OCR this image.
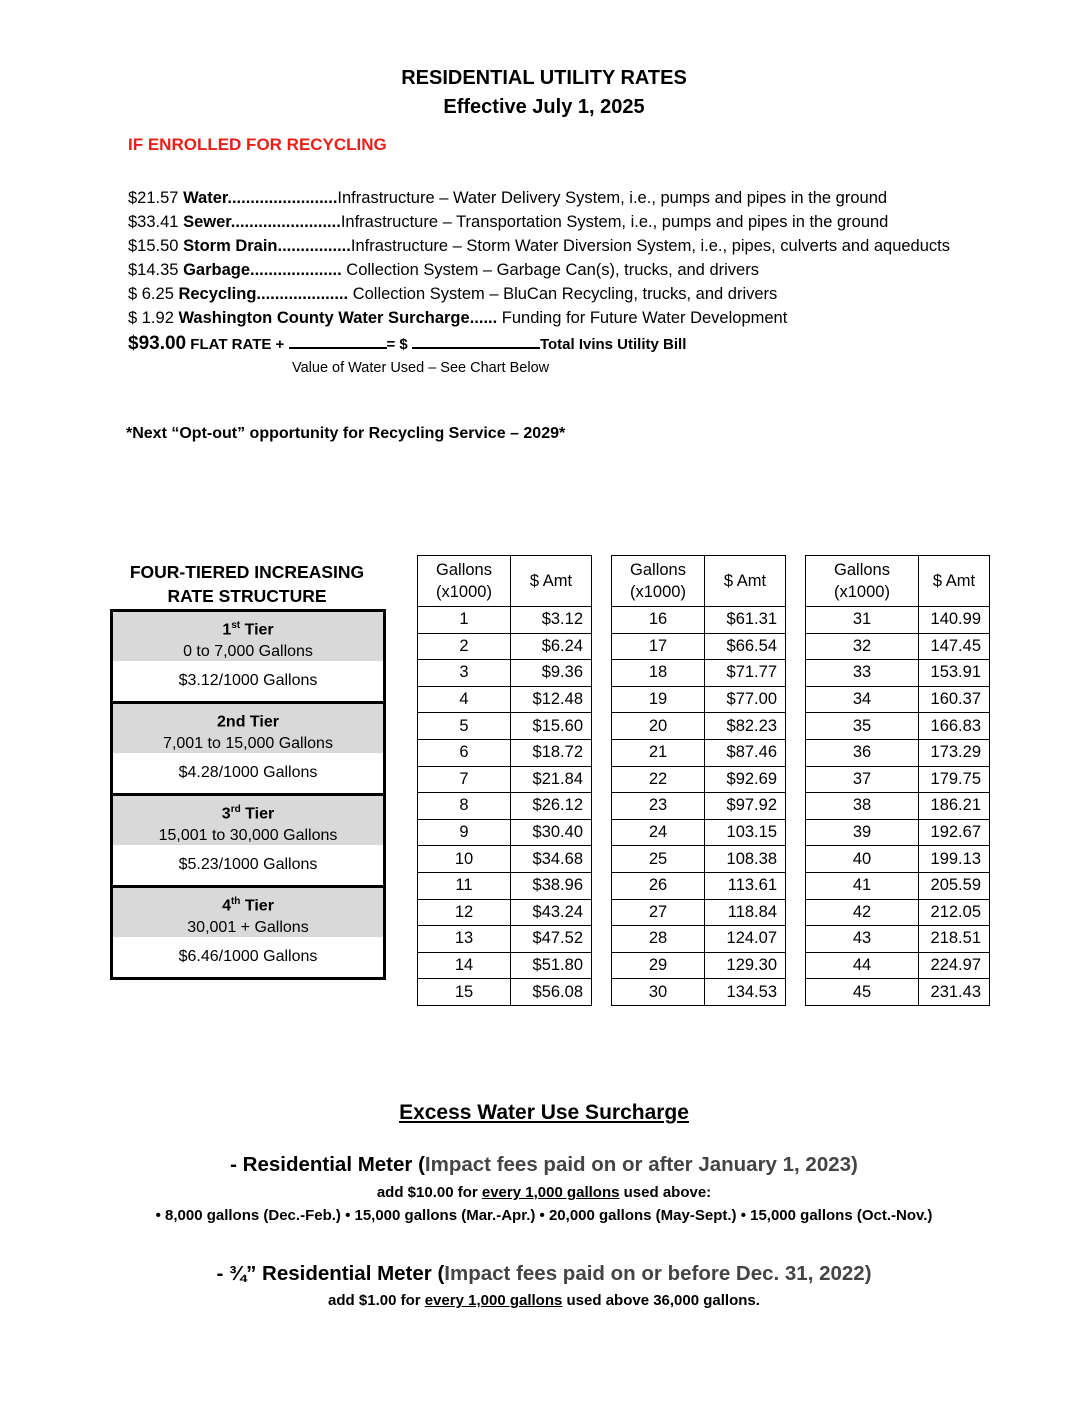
RESIDENTIAL UTILITY RATES
Effective July 1, 2025
IF ENROLLED FOR RECYCLING
$21.57 Water........................Infrastructure – Water Delivery System, i.e., pumps and pipes in the ground
$33.41 Sewer........................Infrastructure – Transportation System, i.e., pumps and pipes in the ground
$15.50 Storm Drain................Infrastructure – Storm Water Diversion System, i.e., pipes, culverts and aqueducts
$14.35 Garbage.................... Collection System – Garbage Can(s), trucks, and drivers
$ 6.25 Recycling.................... Collection System – BluCan Recycling, trucks, and drivers
$ 1.92 Washington County Water Surcharge...... Funding for Future Water Development
$93.00 FLAT RATE +	= $	Total Ivins Utility Bill
Value of Water Used – See Chart Below
*Next “Opt-out” opportunity for Recycling Service – 2029*
FOUR-TIERED INCREASING
RATE STRUCTURE
1st Tier
0 to 7,000 Gallons
$3.12/1000 Gallons
2nd Tier
7,001 to 15,000 Gallons
$4.28/1000 Gallons
3rd Tier
15,001 to 30,000 Gallons
$5.23/1000 Gallons
4th Tier
30,001 + Gallons
$6.46/1000 Gallons
Gallons
(x1000)	$ Amt
1	$3.12
2	$6.24
3	$9.36
4	$12.48
5	$15.60
6	$18.72
7	$21.84
8	$26.12
9	$30.40
10	$34.68
11	$38.96
12	$43.24
13	$47.52
14	$51.80
15	$56.08
Gallons
(x1000)	$ Amt
16	$61.31
17	$66.54
18	$71.77
19	$77.00
20	$82.23
21	$87.46
22	$92.69
23	$97.92
24	103.15
25	108.38
26	113.61
27	118.84
28	124.07
29	129.30
30	134.53
Gallons
(x1000)	$ Amt
31	140.99
32	147.45
33	153.91
34	160.37
35	166.83
36	173.29
37	179.75
38	186.21
39	192.67
40	199.13
41	205.59
42	212.05
43	218.51
44	224.97
45	231.43
Excess Water Use Surcharge
- Residential Meter (Impact fees paid on or after January 1, 2023)
add $10.00 for every 1,000 gallons used above:
• 8,000 gallons (Dec.-Feb.) • 15,000 gallons (Mar.-Apr.) • 20,000 gallons (May-Sept.) • 15,000 gallons (Oct.-Nov.)
- ¾” Residential Meter (Impact fees paid on or before Dec. 31, 2022)
add $1.00 for every 1,000 gallons used above 36,000 gallons.
